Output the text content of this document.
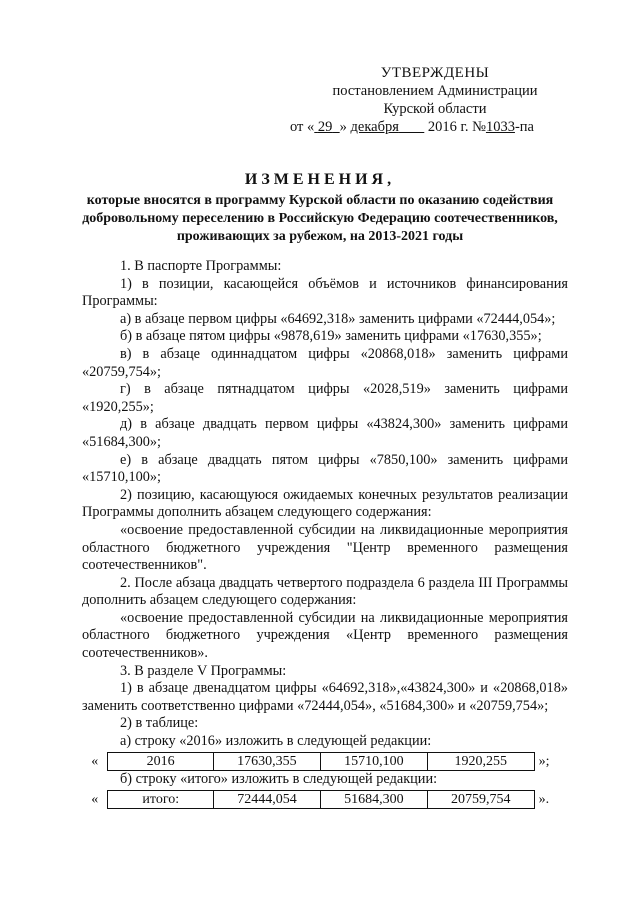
УТВЕРЖДЕНЫ
постановлением Администрации
Курской области
от « 29 » декабря 2016 г. №1033-па
ИЗМЕНЕНИЯ,
которые вносятся в программу Курской области по оказанию содействия добровольному переселению в Российскую Федерацию соотечественников, проживающих за рубежом, на 2013-2021 годы

1. В паспорте Программы:

1) в позиции, касающейся объёмов и источников финансирования Программы:

а) в абзаце первом цифры «64692,318» заменить цифрами «72444,054»;

б) в абзаце пятом цифры «9878,619» заменить цифрами «17630,355»;

в) в абзаце одиннадцатом цифры «20868,018» заменить цифрами «20759,754»;

г) в абзаце пятнадцатом цифры «2028,519» заменить цифрами «1920,255»;

д) в абзаце двадцать первом цифры «43824,300» заменить цифрами «51684,300»;

е) в абзаце двадцать пятом цифры «7850,100» заменить цифрами «15710,100»;

2) позицию, касающуюся ожидаемых конечных результатов реализации Программы дополнить абзацем следующего содержания:

«освоение предоставленной субсидии на ликвидационные мероприятия областного бюджетного учреждения "Центр временного размещения соотечественников".

2. После абзаца двадцать четвертого подраздела 6 раздела III Программы дополнить абзацем следующего содержания:

«освоение предоставленной субсидии на ликвидационные мероприятия областного бюджетного учреждения «Центр временного размещения соотечественников».

3. В разделе V Программы:

1) в абзаце двенадцатом цифры «64692,318»,«43824,300» и «20868,018» заменить соответственно цифрами «72444,054», «51684,300» и «20759,754»;

2) в таблице:

а) строку «2016» изложить в следующей редакции:

«	2016	17630,355	15710,100	1920,255 »;

б) строку «итого» изложить в следующей редакции:

«	итого:	72444,054	51684,300	20759,754 ».
